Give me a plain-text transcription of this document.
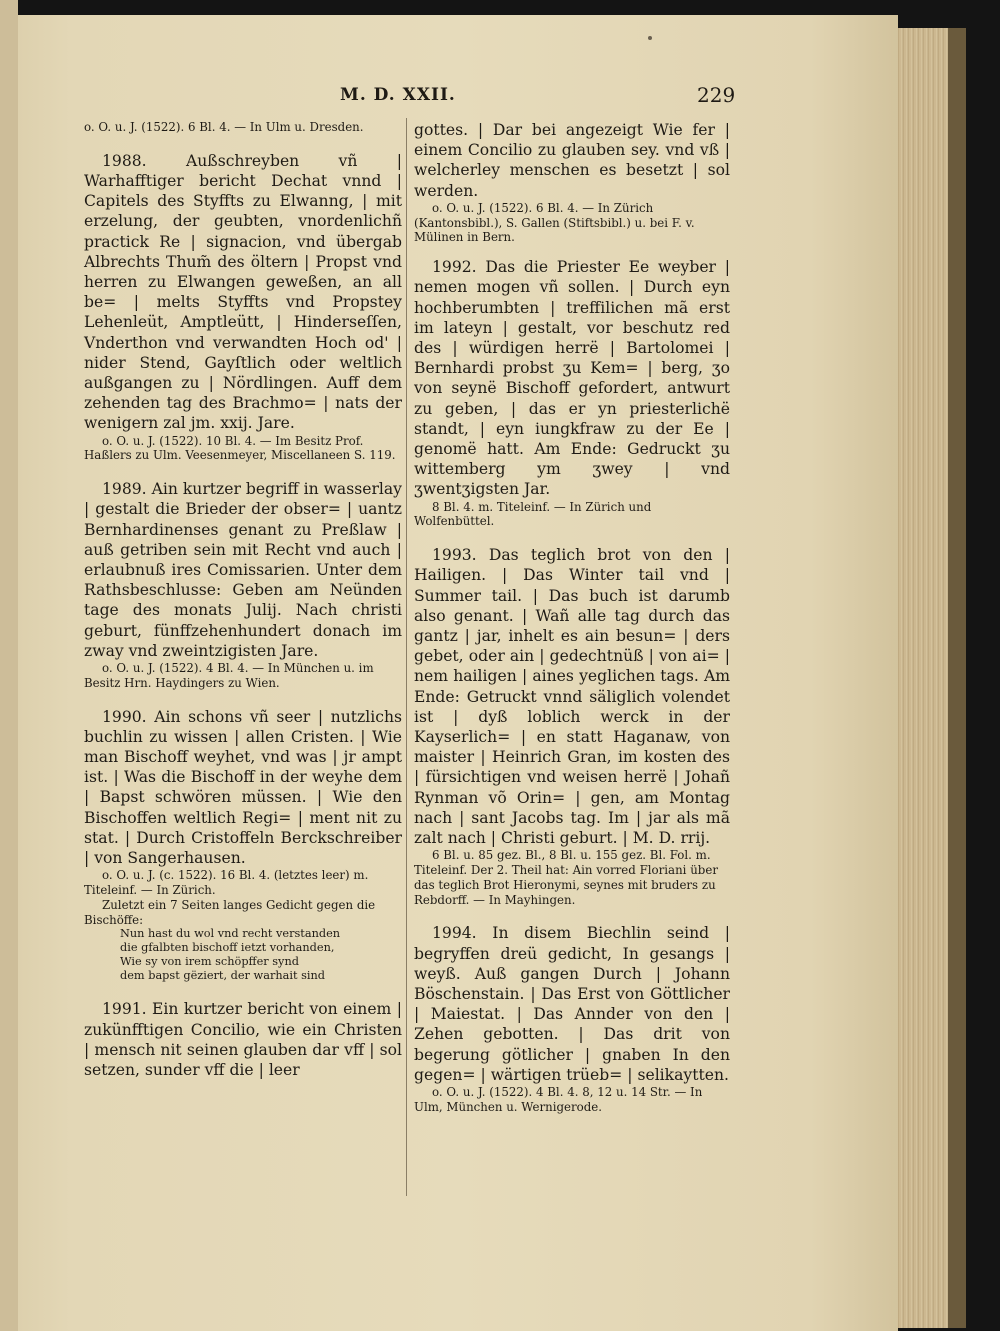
M. D. XXII.	229

o. O. u. J. (1522). 6 Bl. 4. — In Ulm u. Dresden.

1988. Außschreyben vñ | Warhafftiger bericht Dechat vnnd | Capitels des Styffts zu Elwanng, | mit erzelung, der geubten, vnordenlichñ practick Re | signacion, vnd übergab Albrechts Thum̃ des öltern | Propst vnd herren zu Elwangen geweßen, an all be= | melts Styffts vnd Propstey Lehenleüt, Amptleütt, | Hinderseſſen, Vnderthon vnd verwandten Hoch od' | nider Stend, Gayſtlich oder weltlich außgangen zu | Nördlingen. Auff dem zehenden tag des Brachmo= | nats der wenigern zal jm. xxij. Jare.

o. O. u. J. (1522). 10 Bl. 4. — Im Besitz Prof. Haßlers zu Ulm. Veesenmeyer, Miscellaneen S. 119.

1989. Ain kurtzer begriff in wasserlay | gestalt die Brieder der obser= | uantz Bernhardinenses genant zu Preßlaw | auß getriben sein mit Recht vnd auch | erlaubnuß ires Comissarien. Unter dem Rathsbeschlusse: Geben am Neünden tage des monats Julij. Nach christi geburt, fünffzehenhundert donach im zway vnd zweintzigisten Jare.

o. O. u. J. (1522). 4 Bl. 4. — In München u. im Besitz Hrn. Haydingers zu Wien.

1990. Ain schons vñ seer | nutzlichs buchlin zu wissen | allen Cristen. | Wie man Bischoff weyhet, vnd was | jr ampt ist. | Was die Bischoff in der weyhe dem | Bapst schwören müssen. | Wie den Bischoffen weltlich Regi= | ment nit zu stat. | Durch Cristoffeln Berckschreiber | von Sangerhausen.

o. O. u. J. (c. 1522). 16 Bl. 4. (letztes leer) m. Titeleinf. — In Zürich.

Zuletzt ein 7 Seiten langes Gedicht gegen die Bischöffe:

Nun hast du wol vnd recht verstanden
die gfalbten bischoff ietzt vorhanden,
Wie sy von irem schöpffer synd
dem bapst gëziert, der warhait sind

1991. Ein kurtzer bericht von einem | zukünfftigen Concilio, wie ein Christen | mensch nit seinen glauben dar vff | sol setzen, sunder vff die | leer

gottes. | Dar bei angezeigt Wie fer | einem Concilio zu glauben sey. vnd vß | welcherley menschen es besetzt | sol werden.

o. O. u. J. (1522). 6 Bl. 4. — In Zürich (Kantonsbibl.), S. Gallen (Stiftsbibl.) u. bei F. v. Mülinen in Bern.

1992. Das die Priester Ee weyber | nemen mogen vñ sollen. | Durch eyn hochberumbten | treffilichen mã erst im lateyn | gestalt, vor beschutz red des | würdigen herrë | Bartolomei | Bernhardi probst ʒu Kem= | berg, ʒo von seynë Bischoff gefordert, antwurt zu geben, | das er yn priesterlichë standt, | eyn iungkfraw zu der Ee | genomë hatt. Am Ende: Gedruckt ʒu wittemberg ym ʒwey | vnd ʒwentʒigsten Jar.

8 Bl. 4. m. Titeleinf. — In Zürich und Wolfenbüttel.

1993. Das teglich brot von den | Hailigen. | Das Winter tail vnd | Summer tail. | Das buch ist darumb also genant. | Wañ alle tag durch das gantz | jar, inhelt es ain besun= | ders gebet, oder ain | gedechtnüß | von ai= | nem hailigen | aines yeglichen tags. Am Ende: Getruckt vnnd säliglich volendet ist | dyß loblich werck in der Kayserlich= | en statt Haganaw, von maister | Heinrich Gran, im kosten des | fürsichtigen vnd weisen herrë | Johañ Rynman võ Orin= | gen, am Montag nach | sant Jacobs tag. Im | jar als mã zalt nach | Christi geburt. | M. D. rrij.

6 Bl. u. 85 gez. Bl., 8 Bl. u. 155 gez. Bl. Fol. m. Titeleinf. Der 2. Theil hat: Ain vorred Floriani über das teglich Brot Hieronymi, seynes mit bruders zu Rebdorff. — In Mayhingen.

1994. In disem Biechlin seind | begryffen dreü gedicht, In gesangs | weyß. Auß gangen Durch | Johann Böschenstain. | Das Erst von Göttlicher | Maiestat. | Das Annder von den | Zehen gebotten. | Das drit von begerung götlicher | gnaben In den gegen= | wärtigen trüeb= | selikaytten.

o. O. u. J. (1522). 4 Bl. 4. 8, 12 u. 14 Str. — In Ulm, München u. Wernigerode.
